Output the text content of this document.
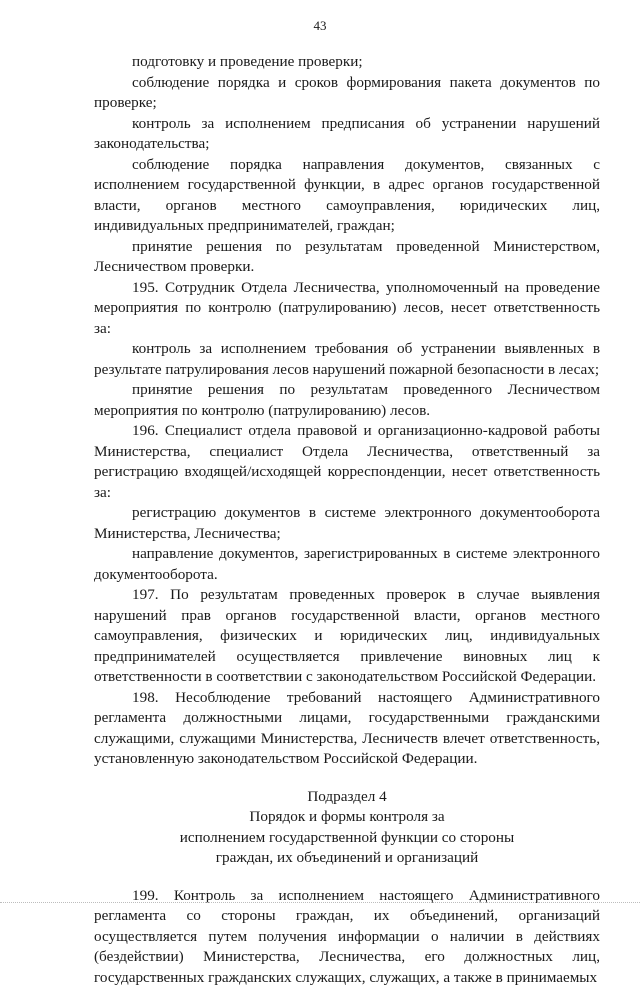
43

подготовку и проведение проверки;

соблюдение порядка и сроков формирования пакета документов по проверке;

контроль за исполнением предписания об устранении нарушений законодательства;

соблюдение порядка направления документов, связанных с исполнением государственной функции, в адрес органов государственной власти, органов местного самоуправления, юридических лиц, индивидуальных предпринимателей, граждан;

принятие решения по результатам проведенной Министерством, Лесничеством проверки.

195. Сотрудник Отдела Лесничества, уполномоченный на проведение мероприятия по контролю (патрулированию) лесов, несет ответственность за:

контроль за исполнением требования об устранении выявленных в результате патрулирования лесов нарушений пожарной безопасности в лесах;

принятие решения по результатам проведенного Лесничеством мероприятия по контролю (патрулированию) лесов.

196. Специалист отдела правовой и организационно-кадровой работы Министерства, специалист Отдела Лесничества, ответственный за регистрацию входящей/исходящей корреспонденции, несет ответственность за:

регистрацию документов в системе электронного документооборота Министерства, Лесничества;

направление документов, зарегистрированных в системе электронного документооборота.

197. По результатам проведенных проверок в случае выявления нарушений прав органов государственной власти, органов местного самоуправления, физических и юридических лиц, индивидуальных предпринимателей осуществляется привлечение виновных лиц к ответственности в соответствии с законодательством Российской Федерации.

198. Несоблюдение требований настоящего Административного регламента должностными лицами, государственными гражданскими служащими, служащими Министерства, Лесничеств влечет ответственность, установленную законодательством Российской Федерации.

Подраздел 4
Порядок и формы контроля за
исполнением государственной функции со стороны
граждан, их объединений и организаций

199. Контроль за исполнением настоящего Административного регламента со стороны граждан, их объединений, организаций осуществляется путем получения информации о наличии в действиях (бездействии) Министерства, Лесничества, его должностных лиц, государственных гражданских служащих, служащих, а также в принимаемых
